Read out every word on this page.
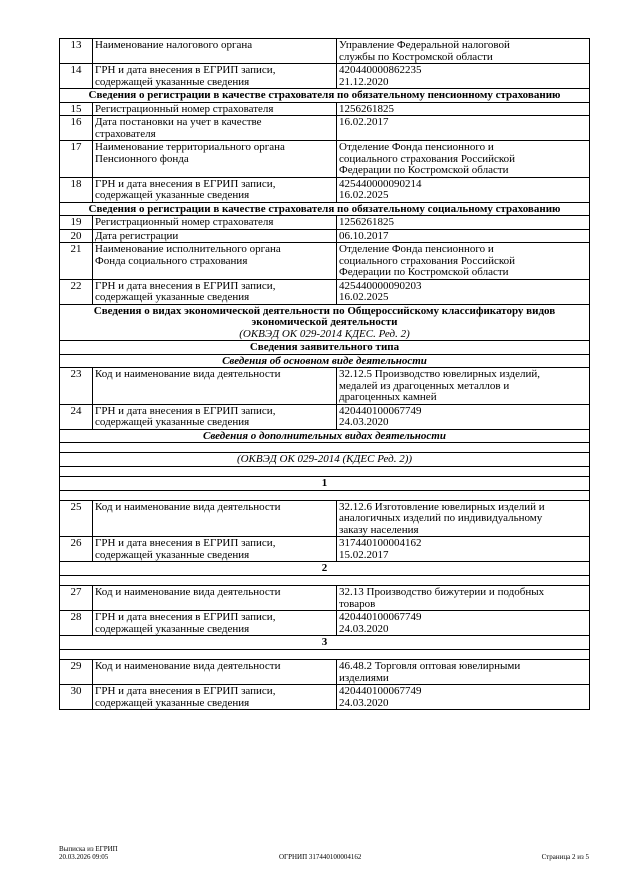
13	Наименование налогового органа	Управление Федеральной налоговой
службы по Костромской области
14	ГРН и дата внесения в ЕГРИП записи,
содержащей указанные сведения	420440000862235
21.12.2020
Сведения о регистрации в качестве страхователя по обязательному пенсионному страхованию		
15	Регистрационный номер страхователя	1256261825
16	Дата постановки на учет в качестве
страхователя	16.02.2017
17	Наименование территориального органа
Пенсионного фонда	Отделение Фонда пенсионного и
социального страхования Российской
Федерации по Костромской области
18	ГРН и дата внесения в ЕГРИП записи,
содержащей указанные сведения	425440000090214
16.02.2025
Сведения о регистрации в качестве страхователя по обязательному социальному страхованию		
19	Регистрационный номер страхователя	1256261825
20	Дата регистрации	06.10.2017
21	Наименование исполнительного органа
Фонда социального страхования	Отделение Фонда пенсионного и
социального страхования Российской
Федерации по Костромской области
22	ГРН и дата внесения в ЕГРИП записи,
содержащей указанные сведения	425440000090203
16.02.2025
Сведения о видах экономической деятельности по Общероссийскому классификатору видов экономической деятельности
(ОКВЭД ОК 029-2014 КДЕС. Ред. 2)		

Сведения заявительного типа		
Сведения об основном виде деятельности		
23	Код и наименование вида деятельности	32.12.5 Производство ювелирных изделий,
медалей из драгоценных металлов и
драгоценных камней
24	ГРН и дата внесения в ЕГРИП записи,
содержащей указанные сведения	420440100067749
24.03.2020
Сведения о дополнительных видах деятельности		

(ОКВЭД ОК 029-2014 (КДЕС Ред. 2))		

1		

25	Код и наименование вида деятельности	32.12.6 Изготовление ювелирных изделий и
аналогичных изделий по индивидуальному
заказу населения
26	ГРН и дата внесения в ЕГРИП записи,
содержащей указанные сведения	317440100004162
15.02.2017
2		

27	Код и наименование вида деятельности	32.13 Производство бижутерии и подобных
товаров
28	ГРН и дата внесения в ЕГРИП записи,
содержащей указанные сведения	420440100067749
24.03.2020
3		

29	Код и наименование вида деятельности	46.48.2 Торговля оптовая ювелирными
изделиями
30	ГРН и дата внесения в ЕГРИП записи,
содержащей указанные сведения	420440100067749
24.03.2020
Выписка из ЕГРИП
20.03.2026 09:05	ОГРНИП 317440100004162	Страница 2 из 5
